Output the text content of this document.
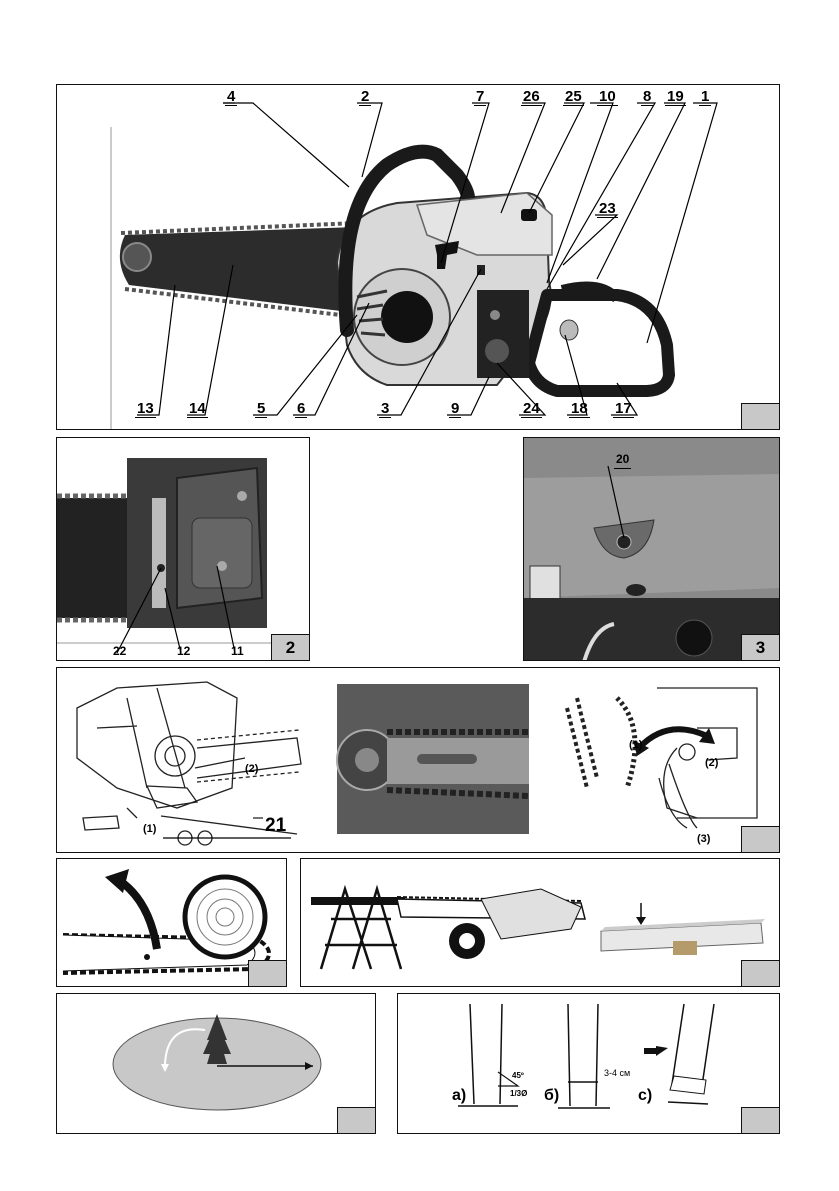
4	2	7	26 25 10 8 19 1
23
13 14	5 6	3	9	24 18 17
22	12	11	2
20
3
(2)
(1)	21
(1)
(2)
(3)
а)	б)	c)
45º
1/3Ø
3-4 см
